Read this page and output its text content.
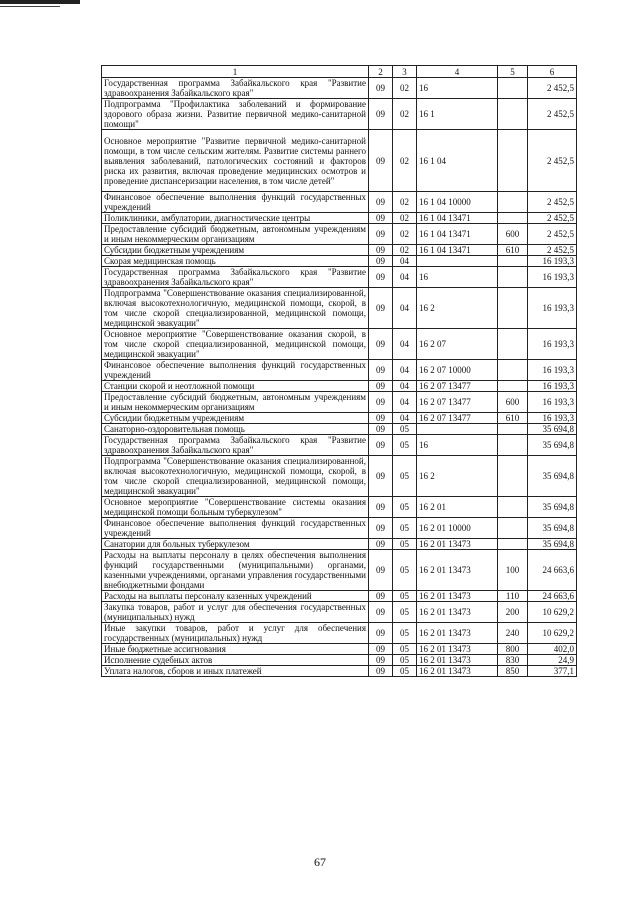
1	2	3	4	5	6
Государственная программа Забайкальского края "Развитие здравоохранения Забайкальского края"	09	02	16		2 452,5
Подпрограмма "Профилактика заболеваний и формирование здорового образа жизни. Развитие первичной медико-санитарной помощи"	09	02	16 1		2 452,5
Основное мероприятие "Развитие первичной медико-санитарной помощи, в том числе сельским жителям. Развитие системы раннего выявления заболеваний, патологических состояний и факторов риска их развития, включая проведение медицинских осмотров и проведение диспансеризации населения, в том числе детей"	09	02	16 1 04		2 452,5
Финансовое обеспечение выполнения функций государственных учреждений	09	02	16 1 04 10000		2 452,5
Поликлиники, амбулатории, диагностические центры	09	02	16 1 04 13471		2 452,5
Предоставление субсидий бюджетным, автономным учреждениям и иным некоммерческим организациям	09	02	16 1 04 13471	600	2 452,5
Субсидии бюджетным учреждениям	09	02	16 1 04 13471	610	2 452,5
Скорая медицинская помощь	09	04			16 193,3
Государственная программа Забайкальского края "Развитие здравоохранения Забайкальского края"	09	04	16		16 193,3
Подпрограмма "Совершенствование оказания специализированной, включая высокотехнологичную, медицинской помощи, скорой, в том числе скорой специализированной, медицинской помощи, медицинской эвакуации"	09	04	16 2		16 193,3
Основное мероприятие "Совершенствование оказания скорой, в том числе скорой специализированной, медицинской помощи, медицинской эвакуации"	09	04	16 2 07		16 193,3
Финансовое обеспечение выполнения функций государственных учреждений	09	04	16 2 07 10000		16 193,3
Станции скорой и неотложной помощи	09	04	16 2 07 13477		16 193,3
Предоставление субсидий бюджетным, автономным учреждениям и иным некоммерческим организациям	09	04	16 2 07 13477	600	16 193,3
Субсидии бюджетным учреждениям	09	04	16 2 07 13477	610	16 193,3
Санаторно-оздоровительная помощь	09	05			35 694,8
Государственная программа Забайкальского края "Развитие здравоохранения Забайкальского края"	09	05	16		35 694,8
Подпрограмма "Совершенствование оказания специализированной, включая высокотехнологичную, медицинской помощи, скорой, в том числе скорой специализированной, медицинской помощи, медицинской эвакуации"	09	05	16 2		35 694,8
Основное мероприятие "Совершенствование системы оказания медицинской помощи больным туберкулезом"	09	05	16 2 01		35 694,8
Финансовое обеспечение выполнения функций государственных учреждений	09	05	16 2 01 10000		35 694,8
Санатории для больных туберкулезом	09	05	16 2 01 13473		35 694,8
Расходы на выплаты персоналу в целях обеспечения выполнения функций государственными (муниципальными) органами, казенными учреждениями, органами управления государственными внебюджетными фондами	09	05	16 2 01 13473	100	24 663,6
Расходы на выплаты персоналу казенных учреждений	09	05	16 2 01 13473	110	24 663,6
Закупка товаров, работ и услуг для обеспечения государственных (муниципальных) нужд	09	05	16 2 01 13473	200	10 629,2
Иные закупки товаров, работ и услуг для обеспечения государственных (муниципальных) нужд	09	05	16 2 01 13473	240	10 629,2
Иные бюджетные ассигнования	09	05	16 2 01 13473	800	402,0
Исполнение судебных актов	09	05	16 2 01 13473	830	24,9
Уплата налогов, сборов и иных платежей	09	05	16 2 01 13473	850	377,1
67
